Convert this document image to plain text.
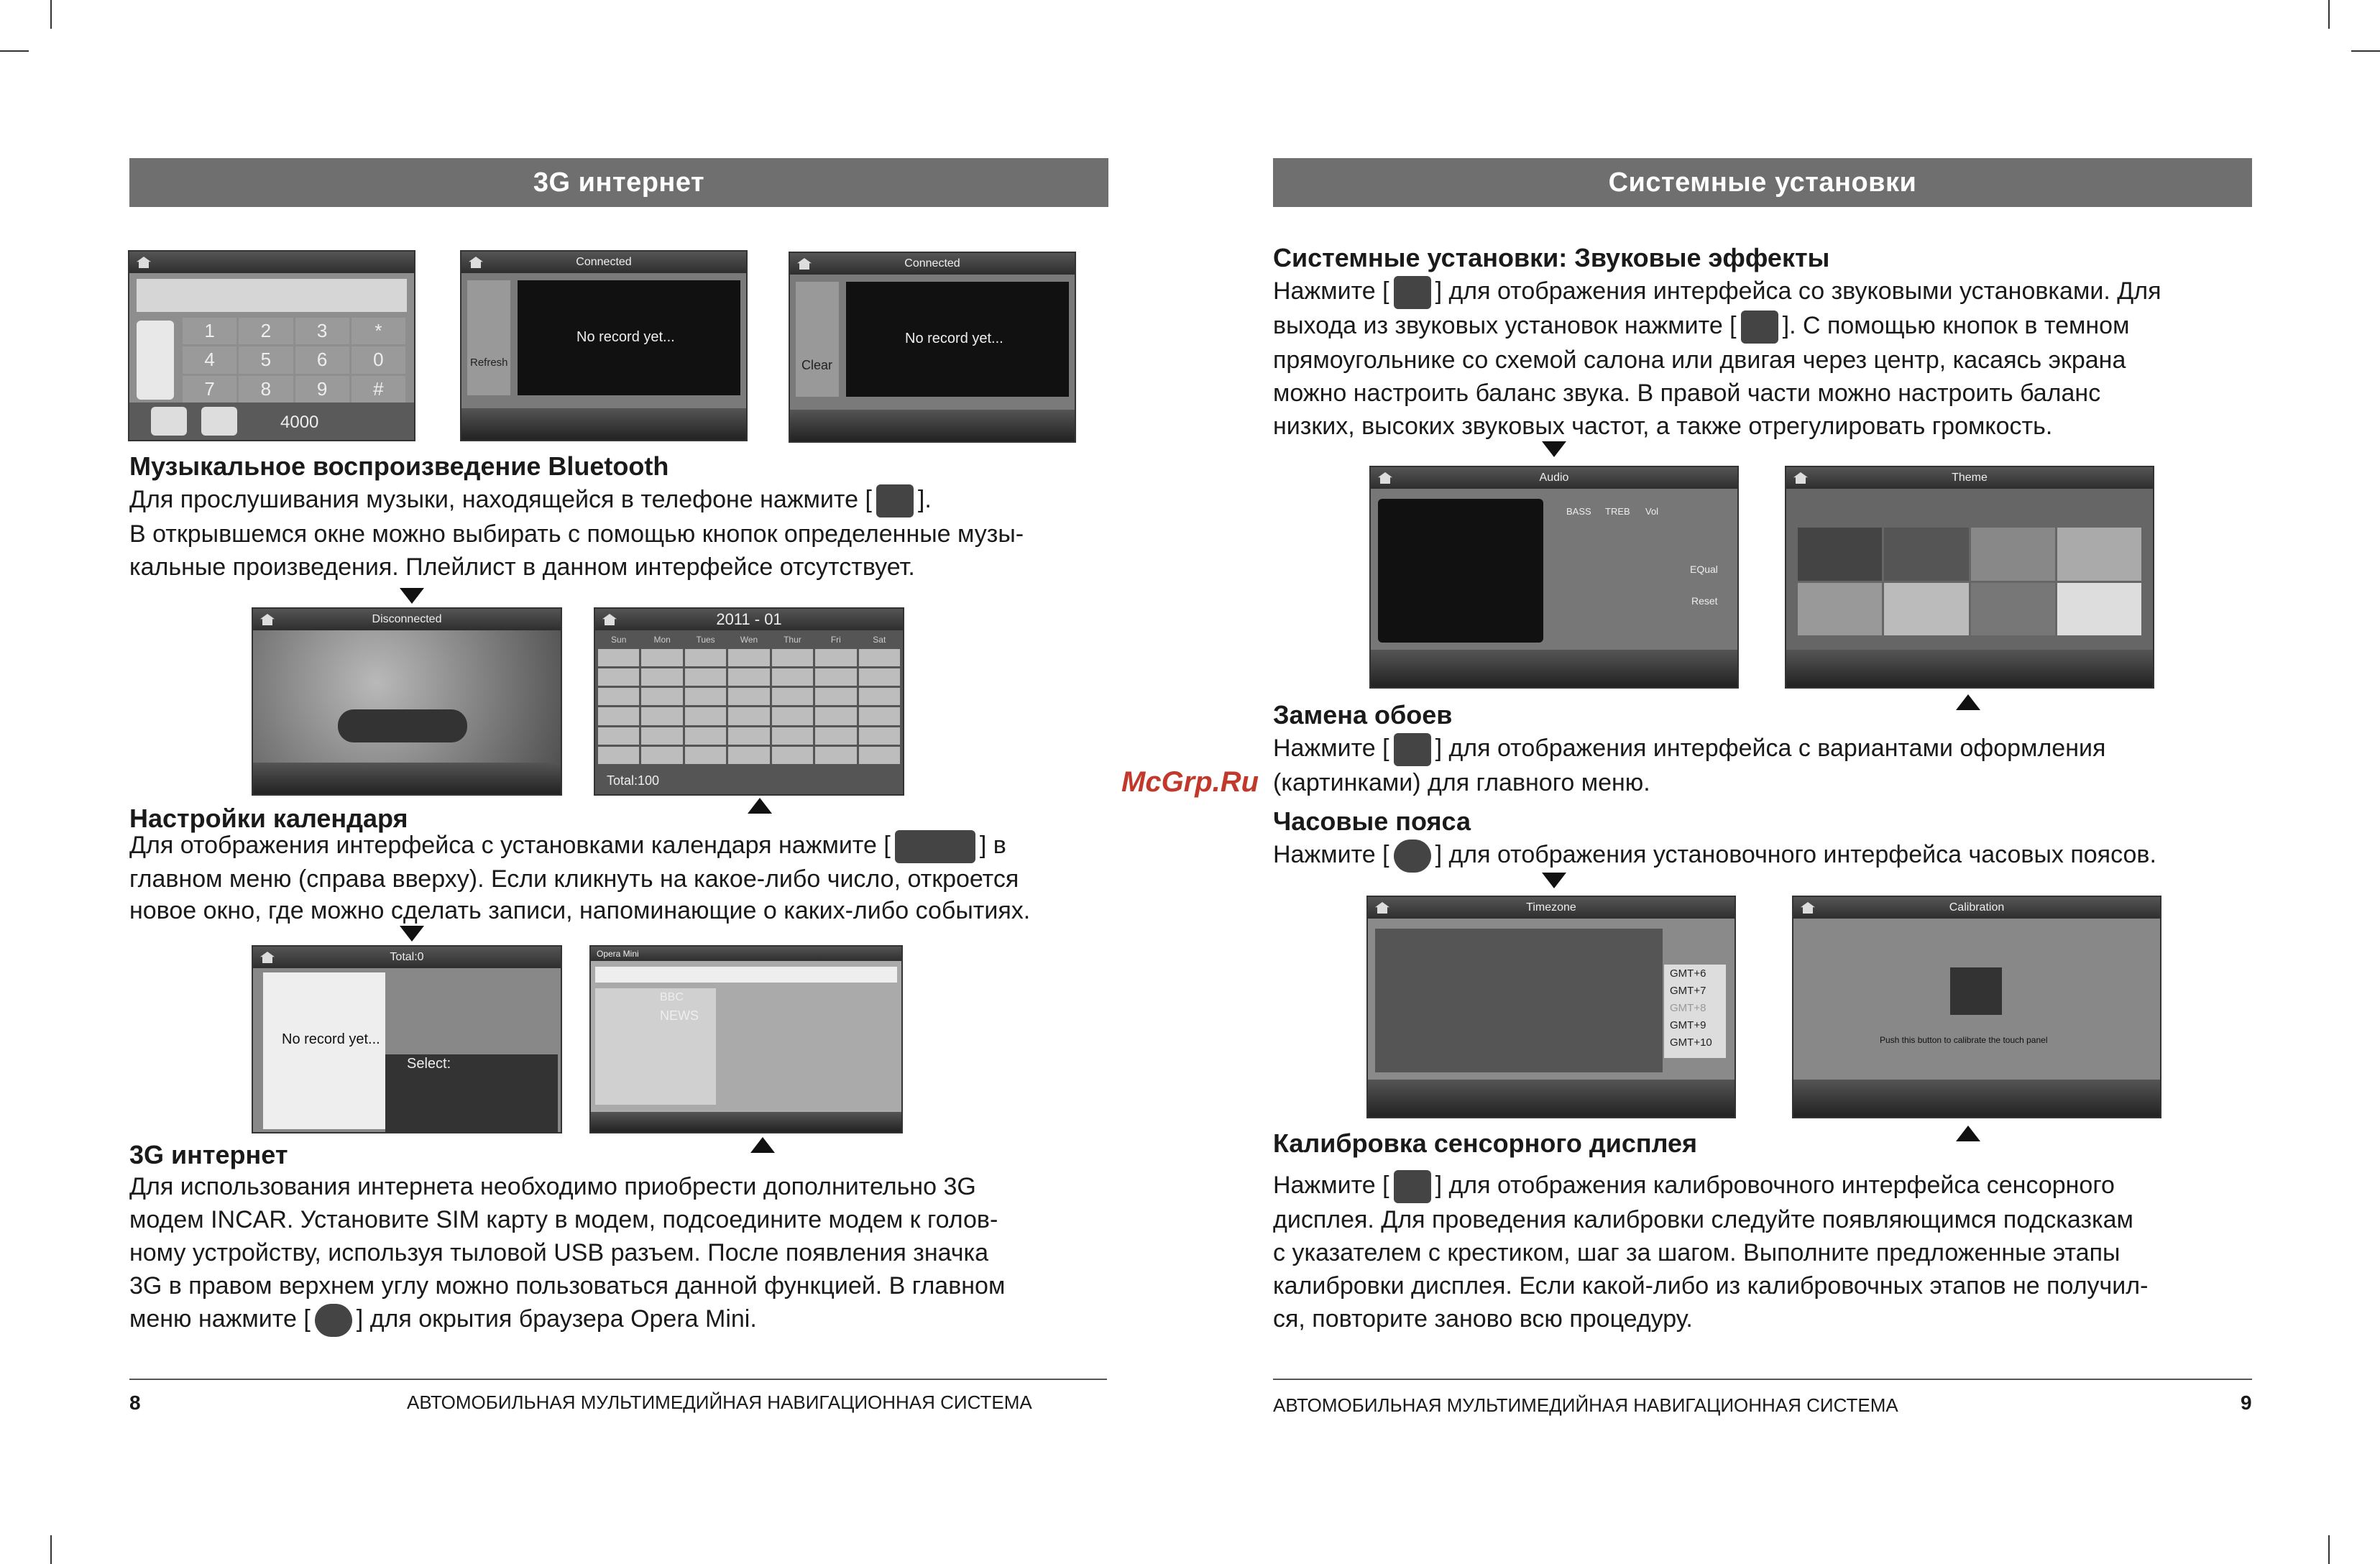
3G интернет
1	2	3	*
4	5	6	0
7	8	9	#
4000
Connected
Refresh
No record yet...
Connected
Clear
No record yet...
Музыкальное воспроизведение Bluetooth
Для прослушивания музыки, находящейся в телефоне нажмите [ ].
В открывшемся окне можно выбирать с помощью кнопок определенные музы-
кальные произведения. Плейлист в данном интерфейсе отсутствует.
Disconnected	2011 - 01
Sun	Mon	Tues	Wen	Thur	Fri	Sat
Total:100
Настройки календаря
Для отображения интерфейса с установками календаря нажмите [	] в
главном меню (справа вверху). Если кликнуть на какое-либо число, откроется
новое окно, где можно сделать записи, напоминающие о каких-либо событиях.
Total:0
No record yet...
Select:
Opera Mini
BBC
NEWS
3G интернет
Для использования интернета необходимо приобрести дополнительно 3G
модем INCAR. Установите SIM карту в модем, подсоедините модем к голов-
ному устройству, используя тыловой USB разъем. После появления значка
3G в правом верхнем углу можно пользоваться данной функцией. В главном
меню нажмите [ ] для окрытия браузера Opera Mini.
8	АВТОМОБИЛЬНАЯ МУЛЬТИМЕДИЙНАЯ НАВИГАЦИОННАЯ СИСТЕМА
McGrp.Ru
Системные установки
Системные установки: Звуковые эффекты
Нажмите [ ] для отображения интерфейса со звуковыми установками. Для
выхода из звуковых установок нажмите [ ]. С помощью кнопок в темном
прямоугольнике со схемой салона или двигая через центр, касаясь экрана
можно настроить баланс звука. В правой части можно настроить баланс
низких, высоких звуковых частот, а также отрегулировать громкость.
Audio
BASS TREB Vol
EQual
Reset
Theme
Замена обоев
Нажмите [ ] для отображения интерфейса с вариантами оформления
(картинками) для главного меню.
Часовые пояса
Нажмите [ ] для отображения установочного интерфейса часовых поясов.
Timezone
GMT+6
GMT+7
GMT+8
GMT+9
GMT+10
Calibration
Push this button to calibrate the touch panel
Калибровка сенсорного дисплея
Нажмите [ ] для отображения калибровочного интерфейса сенсорного
дисплея. Для проведения калибровки следуйте появляющимся подсказкам
с указателем с крестиком, шаг за шагом. Выполните предложенные этапы
калибровки дисплея. Если какой-либо из калибровочных этапов не получил-
ся, повторите заново всю процедуру.
АВТОМОБИЛЬНАЯ МУЛЬТИМЕДИЙНАЯ НАВИГАЦИОННАЯ СИСТЕМА	9
